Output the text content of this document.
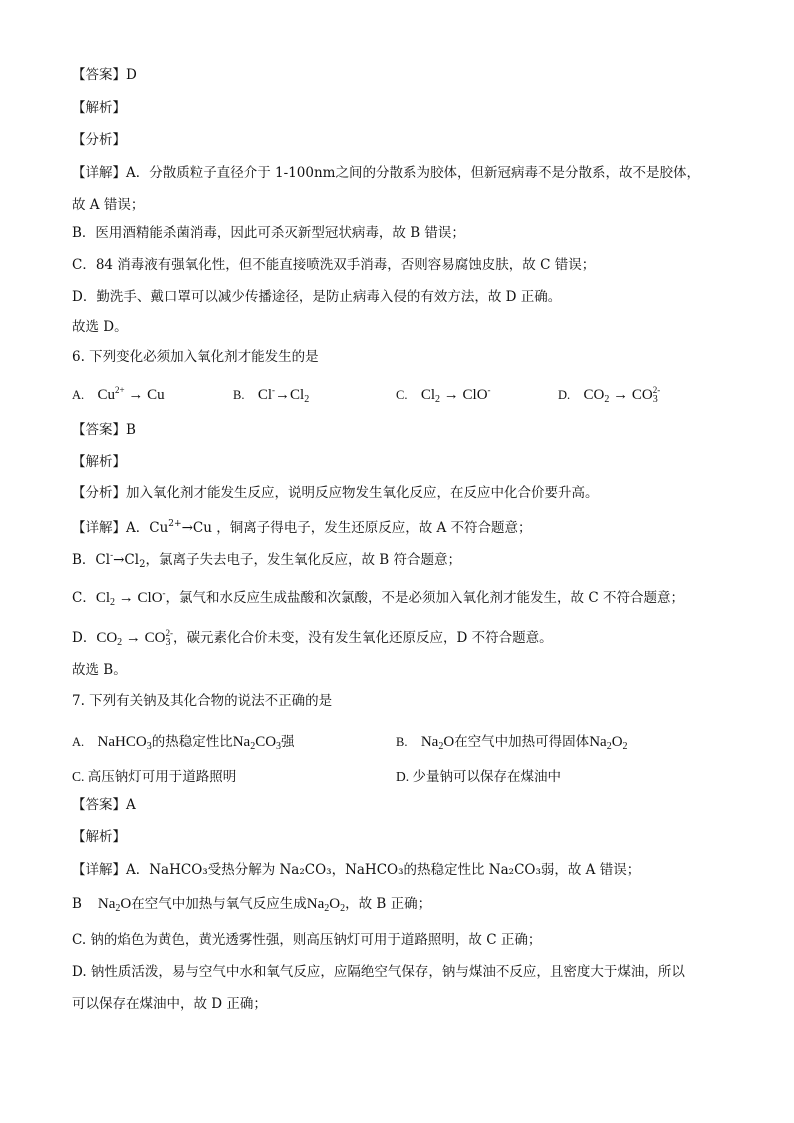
【答案】D
【解析】
【分析】
【详解】A．分散质粒子直径介于 1-100nm之间的分散系为胶体，但新冠病毒不是分散系，故不是胶体，
故 A 错误；
B．医用酒精能杀菌消毒，因此可杀灭新型冠状病毒，故 B 错误；
C．84 消毒液有强氧化性，但不能直接喷洗双手消毒，否则容易腐蚀皮肤，故 C 错误；
D．勤洗手、戴口罩可以减少传播途径，是防止病毒入侵的有效方法，故 D 正确。
故选 D。
6. 下列变化必须加入氧化剂才能发生的是
A. $Cu^{2+} \to Cu$	B. $Cl^-\to Cl_2$	C. $Cl_2 \to ClO^-$	D. $CO_2 \to CO_3^{2-}$
【答案】B
【解析】
【分析】加入氧化剂才能发生反应，说明反应物发生氧化反应，在反应中化合价要升高。
【详解】A．$Cu^{2+}\to Cu$ ，铜离子得电子，发生还原反应，故 A 不符合题意；
B．$Cl^-\to Cl_2$，氯离子失去电子，发生氧化反应，故 B 符合题意；
C．$Cl_2 \to ClO^-$，氯气和水反应生成盐酸和次氯酸，不是必须加入氧化剂才能发生，故 C 不符合题意；
D．$CO_2 \to CO_3^{2-}$，碳元素化合价未变，没有发生氧化还原反应，D 不符合题意。
故选 B。
7. 下列有关钠及其化合物的说法不正确的是
A. NaHCO$_3$的热稳定性比$Na_2CO_3$强	B. $Na_2O$在空气中加热可得固体$Na_2O_2$
C. 高压钠灯可用于道路照明	D. 少量钠可以保存在煤油中
【答案】A
【解析】
【详解】A．NaHCO₃受热分解为 Na₂CO₃，NaHCO₃的热稳定性比 Na₂CO₃弱，故 A 错误；
B $Na_2O$在空气中加热与氧气反应生成$Na_2O_2$，故 B 正确；
C. 钠的焰色为黄色，黄光透雾性强，则高压钠灯可用于道路照明，故 C 正确；
D. 钠性质活泼，易与空气中水和氧气反应，应隔绝空气保存，钠与煤油不反应，且密度大于煤油，所以
可以保存在煤油中，故 D 正确；
